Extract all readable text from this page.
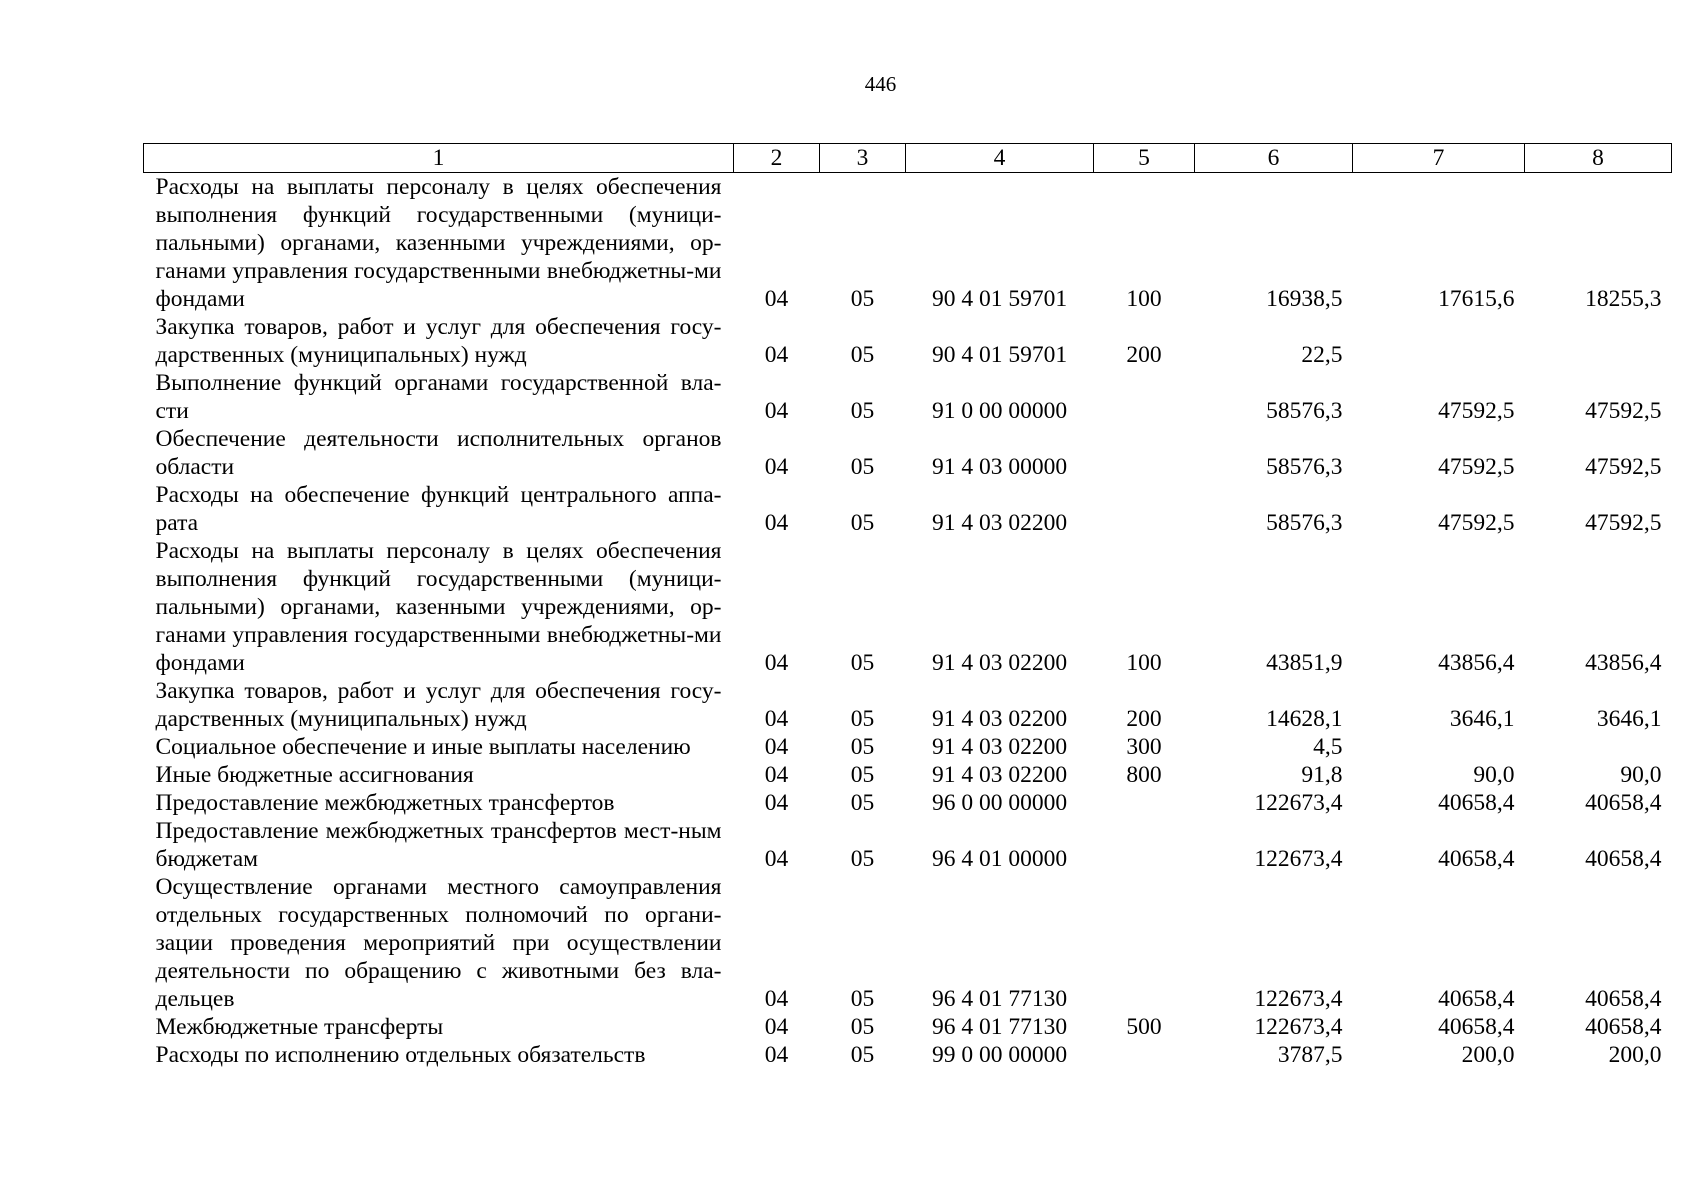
446
1	2	3	4	5	6	7	8
Расходы на выплаты персоналу в целях обеспечения выполнения функций государственными (муници-пальными) органами, казенными учреждениями, ор-ганами управления государственными внебюджетны-ми фондами	04	05	90 4 01 59701	100	16938,5	17615,6	18255,3
Закупка товаров, работ и услуг для обеспечения госу-дарственных (муниципальных) нужд	04	05	90 4 01 59701	200	22,5		
Выполнение функций органами государственной вла-сти	04	05	91 0 00 00000		58576,3	47592,5	47592,5
Обеспечение деятельности исполнительных органов области	04	05	91 4 03 00000		58576,3	47592,5	47592,5
Расходы на обеспечение функций центрального аппа-рата	04	05	91 4 03 02200		58576,3	47592,5	47592,5
Расходы на выплаты персоналу в целях обеспечения выполнения функций государственными (муници-пальными) органами, казенными учреждениями, ор-ганами управления государственными внебюджетны-ми фондами	04	05	91 4 03 02200	100	43851,9	43856,4	43856,4
Закупка товаров, работ и услуг для обеспечения госу-дарственных (муниципальных) нужд	04	05	91 4 03 02200	200	14628,1	3646,1	3646,1
Социальное обеспечение и иные выплаты населению	04	05	91 4 03 02200	300	4,5		
Иные бюджетные ассигнования	04	05	91 4 03 02200	800	91,8	90,0	90,0
Предоставление межбюджетных трансфертов	04	05	96 0 00 00000		122673,4	40658,4	40658,4
Предоставление межбюджетных трансфертов мест-ным бюджетам	04	05	96 4 01 00000		122673,4	40658,4	40658,4
Осуществление органами местного самоуправления отдельных государственных полномочий по органи-зации проведения мероприятий при осуществлении деятельности по обращению с животными без вла-дельцев	04	05	96 4 01 77130		122673,4	40658,4	40658,4
Межбюджетные трансферты	04	05	96 4 01 77130	500	122673,4	40658,4	40658,4
Расходы по исполнению отдельных обязательств	04	05	99 0 00 00000		3787,5	200,0	200,0
